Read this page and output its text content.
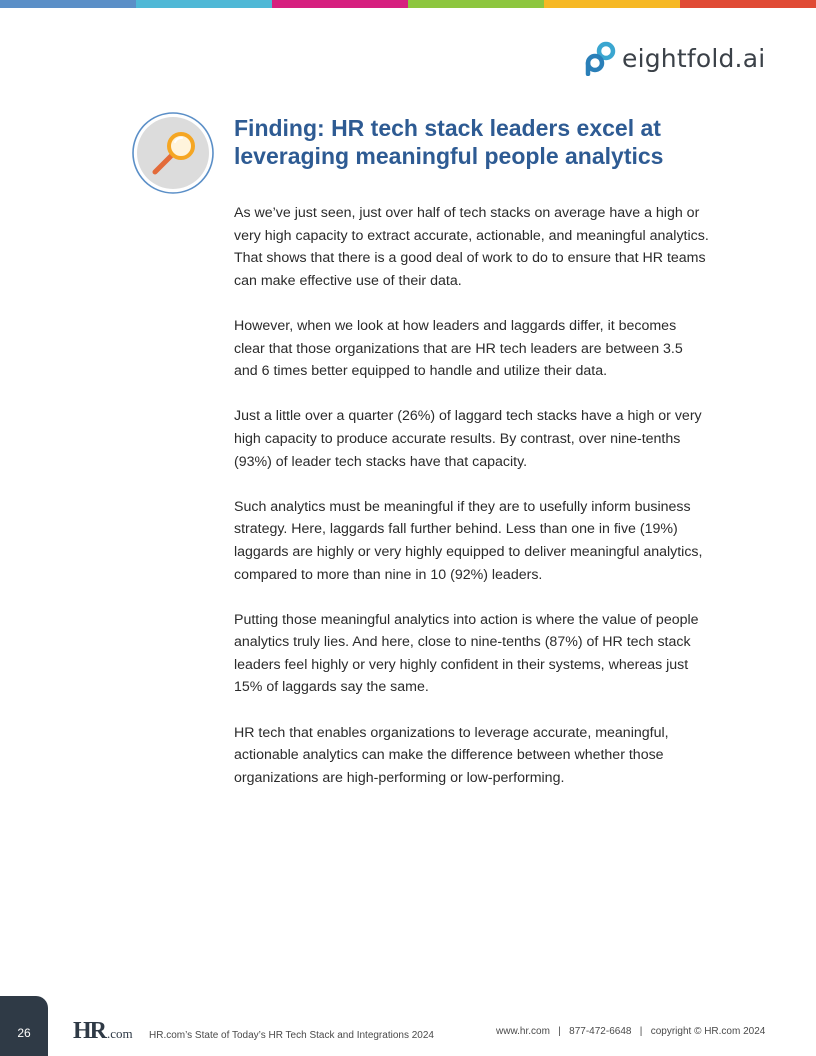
eightfold.ai
Finding: HR tech stack leaders excel at leveraging meaningful people analytics

As we’ve just seen, just over half of tech stacks on average have a high or very high capacity to extract accurate, actionable, and meaningful analytics. That shows that there is a good deal of work to do to ensure that HR teams can make effective use of their data.

However, when we look at how leaders and laggards differ, it becomes clear that those organizations that are HR tech leaders are between 3.5 and 6 times better equipped to handle and utilize their data.

Just a little over a quarter (26%) of laggard tech stacks have a high or very high capacity to produce accurate results. By contrast, over nine-tenths (93%) of leader tech stacks have that capacity.

Such analytics must be meaningful if they are to usefully inform business strategy. Here, laggards fall further behind. Less than one in five (19%) laggards are highly or very highly equipped to deliver meaningful analytics, compared to more than nine in 10 (92%) leaders.

Putting those meaningful analytics into action is where the value of people analytics truly lies. And here, close to nine-tenths (87%) of HR tech stack leaders feel highly or very highly confident in their systems, whereas just 15% of laggards say the same.

HR tech that enables organizations to leverage accurate, meaningful, actionable analytics can make the difference between whether those organizations are high-performing or low-performing.

26	HR .com HR.com’s State of Today’s HR Tech Stack and Integrations 2024	www.hr.com   |   877-472-6648   |   copyright © HR.com 2024
